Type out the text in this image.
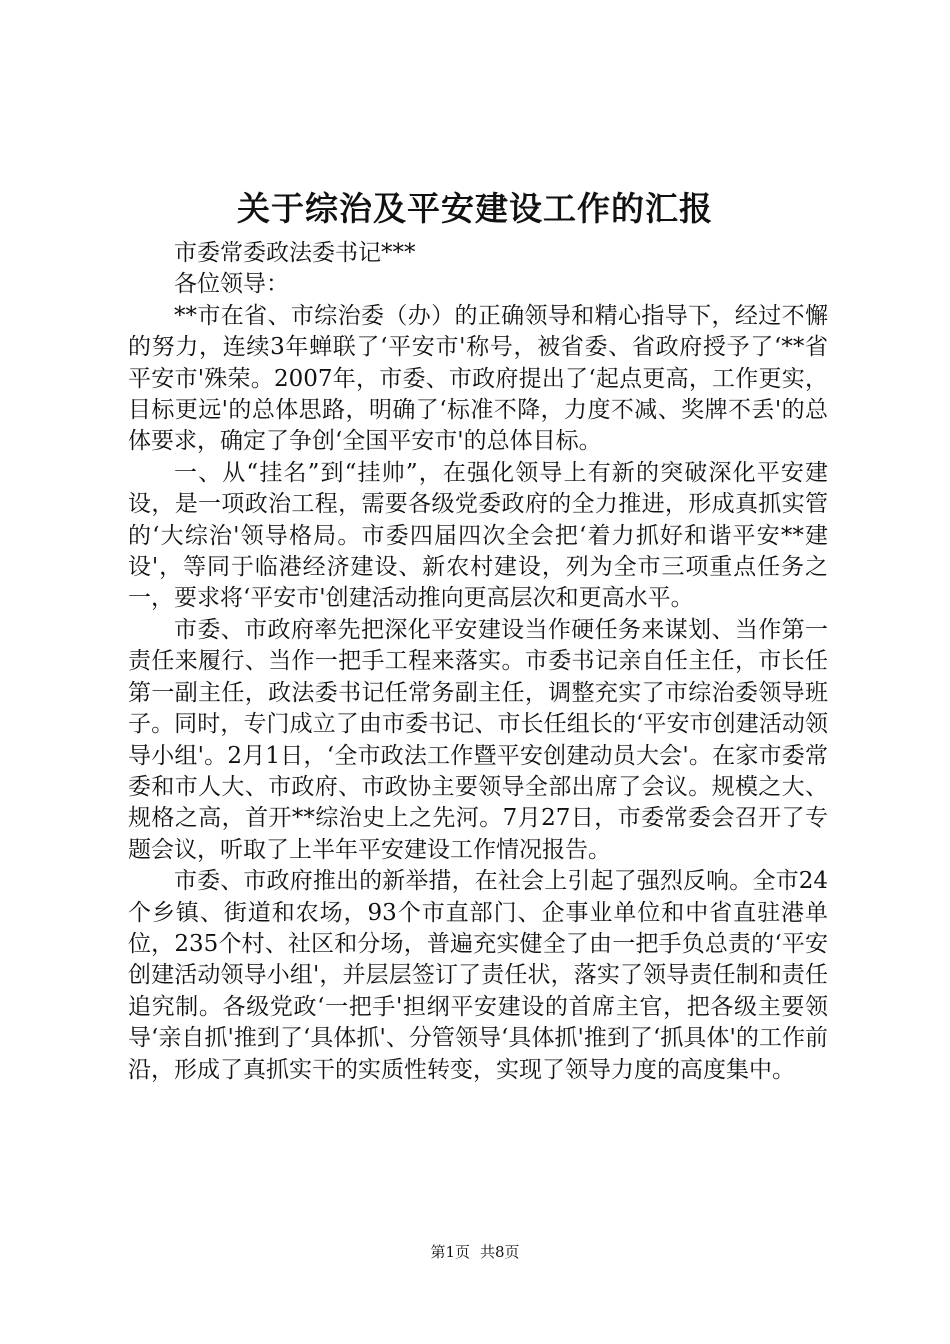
关于综治及平安建设工作的汇报

市委常委政法委书记***

各位领导：

**市在省、市综治委（办）的正确领导和精心指导下，经过不懈的努力，连续3年蝉联了‘平安市'称号，被省委、省政府授予了‘**省平安市'殊荣。2007年，市委、市政府提出了‘起点更高，工作更实，目标更远'的总体思路，明确了‘标准不降，力度不减、奖牌不丢'的总体要求，确定了争创‘全国平安市'的总体目标。

一、从“挂名”到“挂帅”，在强化领导上有新的突破深化平安建设，是一项政治工程，需要各级党委政府的全力推进，形成真抓实管的‘大综治'领导格局。市委四届四次全会把‘着力抓好和谐平安**建设'，等同于临港经济建设、新农村建设，列为全市三项重点任务之一，要求将‘平安市'创建活动推向更高层次和更高水平。

市委、市政府率先把深化平安建设当作硬任务来谋划、当作第一责任来履行、当作一把手工程来落实。市委书记亲自任主任，市长任第一副主任，政法委书记任常务副主任，调整充实了市综治委领导班子。同时，专门成立了由市委书记、市长任组长的‘平安市创建活动领导小组'。2月1日，‘全市政法工作暨平安创建动员大会'。在家市委常委和市人大、市政府、市政协主要领导全部出席了会议。规模之大、规格之高，首开**综治史上之先河。7月27日，市委常委会召开了专题会议，听取了上半年平安建设工作情况报告。

市委、市政府推出的新举措，在社会上引起了强烈反响。全市24个乡镇、街道和农场，93个市直部门、企事业单位和中省直驻港单位，235个村、社区和分场，普遍充实健全了由一把手负总责的‘平安创建活动领导小组'，并层层签订了责任状，落实了领导责任制和责任追究制。各级党政‘一把手'担纲平安建设的首席主官，把各级主要领导‘亲自抓'推到了‘具体抓'、分管领导‘具体抓'推到了‘抓具体'的工作前沿，形成了真抓实干的实质性转变，实现了领导力度的高度集中。

第1页 共8页
